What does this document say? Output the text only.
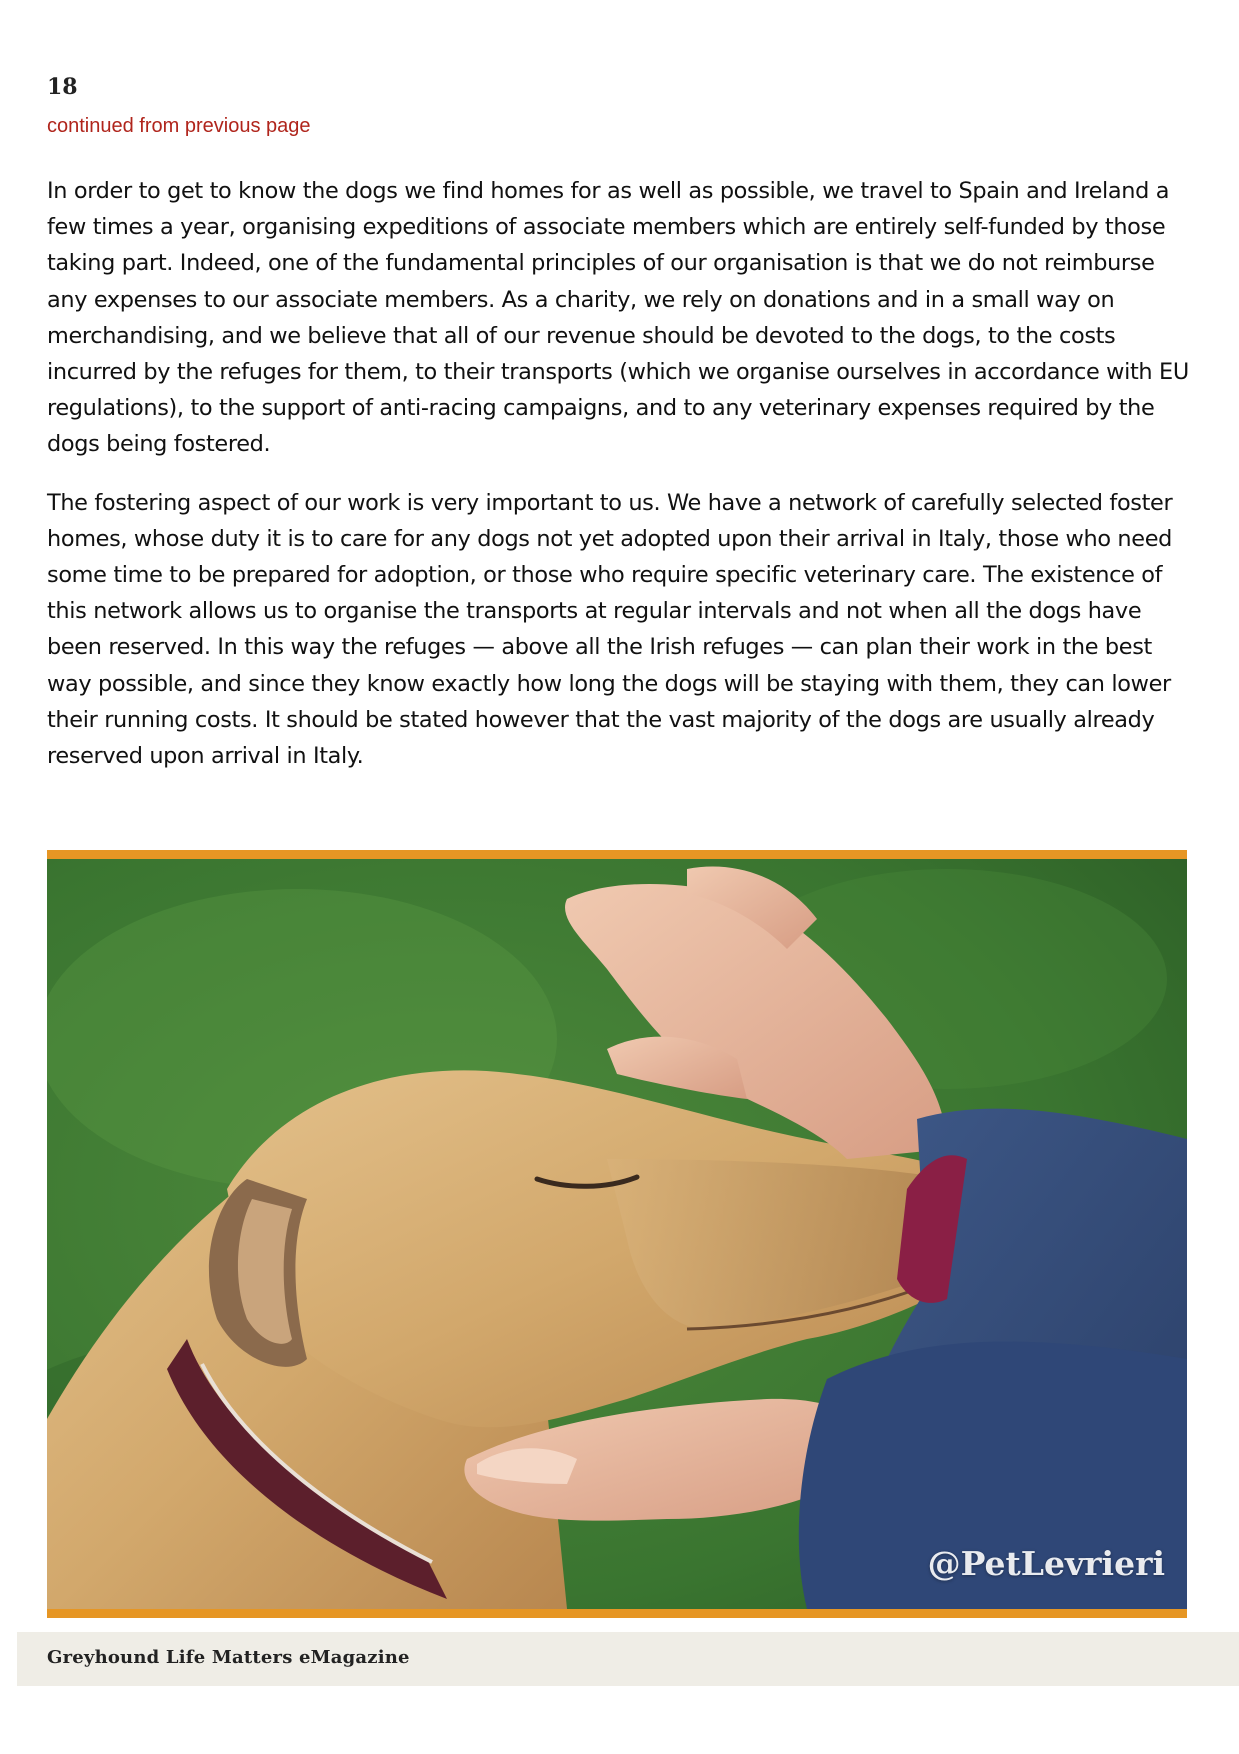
18
continued from previous page

In order to get to know the dogs we find homes for as well as possible, we travel to Spain and Ireland a few times a year, organising expeditions of associate members which are entirely self-funded by those taking part. Indeed, one of the fundamental principles of our organisation is that we do not reimburse any expenses to our associate members. As a charity, we rely on donations and in a small way on merchandising, and we believe that all of our revenue should be devoted to the dogs, to the costs incurred by the refuges for them, to their transports (which we organise ourselves in accordance with EU regulations), to the support of anti-racing campaigns, and to any veterinary expenses required by the dogs being fostered.

The fostering aspect of our work is very important to us. We have a network of carefully selected foster homes, whose duty it is to care for any dogs not yet adopted upon their arrival in Italy, those who need some time to be prepared for adoption, or those who require specific veterinary care. The existence of this network allows us to organise the transports at regular intervals and not when all the dogs have been reserved. In this way the refuges — above all the Irish refuges — can plan their work in the best way possible, and since they know exactly how long the dogs will be staying with them, they can lower their running costs. It should be stated however that the vast majority of the dogs are usually already reserved upon arrival in Italy.

@PetLevrieri
Greyhound Life Matters eMagazine
